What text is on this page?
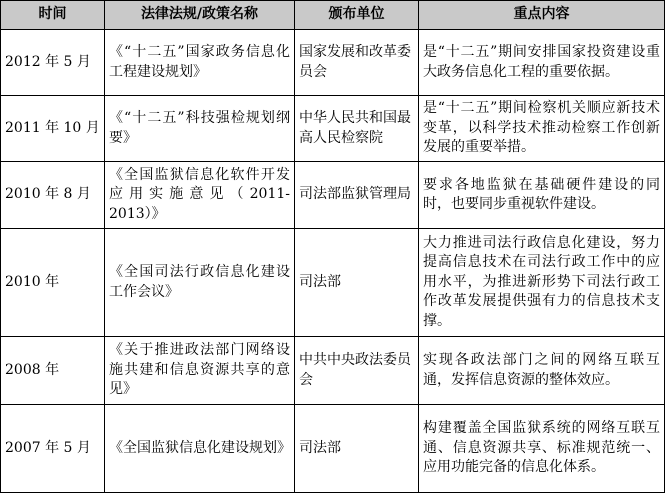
时间	法律法规/政策名称	颁布单位	重点内容
2012 年 5 月	《“十二五”国家政务信息化工程建设规划》	国家发展和改革委员会	是“十二五”期间安排国家投资建设重大政务信息化工程的重要依据。
2011 年 10 月	《“十二五”科技强检规划纲要》	中华人民共和国最高人民检察院	是“十二五”期间检察机关顺应新技术变革，以科学技术推动检察工作创新发展的重要举措。
2010 年 8 月	《全国监狱信息化软件开发应用实施意见（2011-2013）》	司法部监狱管理局	要求各地监狱在基础硬件建设的同时，也要同步重视软件建设。
2010 年	《全国司法行政信息化建设工作会议》	司法部	大力推进司法行政信息化建设，努力提高信息技术在司法行政工作中的应用水平，为推进新形势下司法行政工作改革发展提供强有力的信息技术支撑。
2008 年	《关于推进政法部门网络设施共建和信息资源共享的意见》	中共中央政法委员会	实现各政法部门之间的网络互联互通，发挥信息资源的整体效应。
2007 年 5 月	《全国监狱信息化建设规划》	司法部	构建覆盖全国监狱系统的网络互联互通、信息资源共享、标准规范统一、应用功能完备的信息化体系。
